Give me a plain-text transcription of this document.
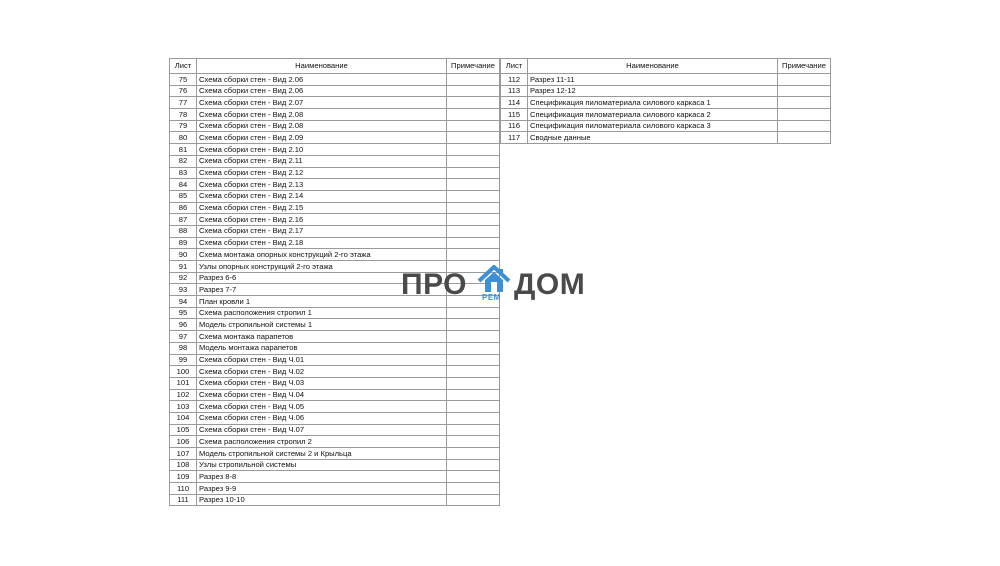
Лист	Наименование	Примечание
75	Схема сборки стен - Вид 2.06	
76	Схема сборки стен - Вид 2.06	
77	Схема сборки стен - Вид 2.07	
78	Схема сборки стен - Вид 2.08	
79	Схема сборки стен - Вид 2.08	
80	Схема сборки стен - Вид 2.09	
81	Схема сборки стен - Вид 2.10	
82	Схема сборки стен - Вид 2.11	
83	Схема сборки стен - Вид 2.12	
84	Схема сборки стен - Вид 2.13	
85	Схема сборки стен - Вид 2.14	
86	Схема сборки стен - Вид 2.15	
87	Схема сборки стен - Вид 2.16	
88	Схема сборки стен - Вид 2.17	
89	Схема сборки стен - Вид 2.18	
90	Схема монтажа опорных конструкций 2-го этажа	
91	Узлы опорных конструкций 2-го этажа	
92	Разрез 6-6	
93	Разрез 7-7	
94	План кровли 1	
95	Схема расположения стропил 1	
96	Модель стропильной системы 1	
97	Схема монтажа парапетов	
98	Модель монтажа парапетов	
99	Схема сборки стен - Вид Ч.01	
100	Схема сборки стен - Вид Ч.02	
101	Схема сборки стен - Вид Ч.03	
102	Схема сборки стен - Вид Ч.04	
103	Схема сборки стен - Вид Ч.05	
104	Схема сборки стен - Вид Ч.06	
105	Схема сборки стен - Вид Ч.07	
106	Схема расположения стропил 2	
107	Модель стропильной системы 2 и Крыльца	
108	Узлы стропильной системы	
109	Разрез 8-8	
110	Разрез 9-9	
111	Разрез 10-10	
Лист	Наименование	Примечание
112	Разрез 11-11	
113	Разрез 12-12	
114	Спецификация пиломатериала силового каркаса 1	
115	Спецификация пиломатериала силового каркаса 2	
116	Спецификация пиломатериала силового каркаса 3	
117	Сводные данные	
ПРО РЕМ ДОМ
